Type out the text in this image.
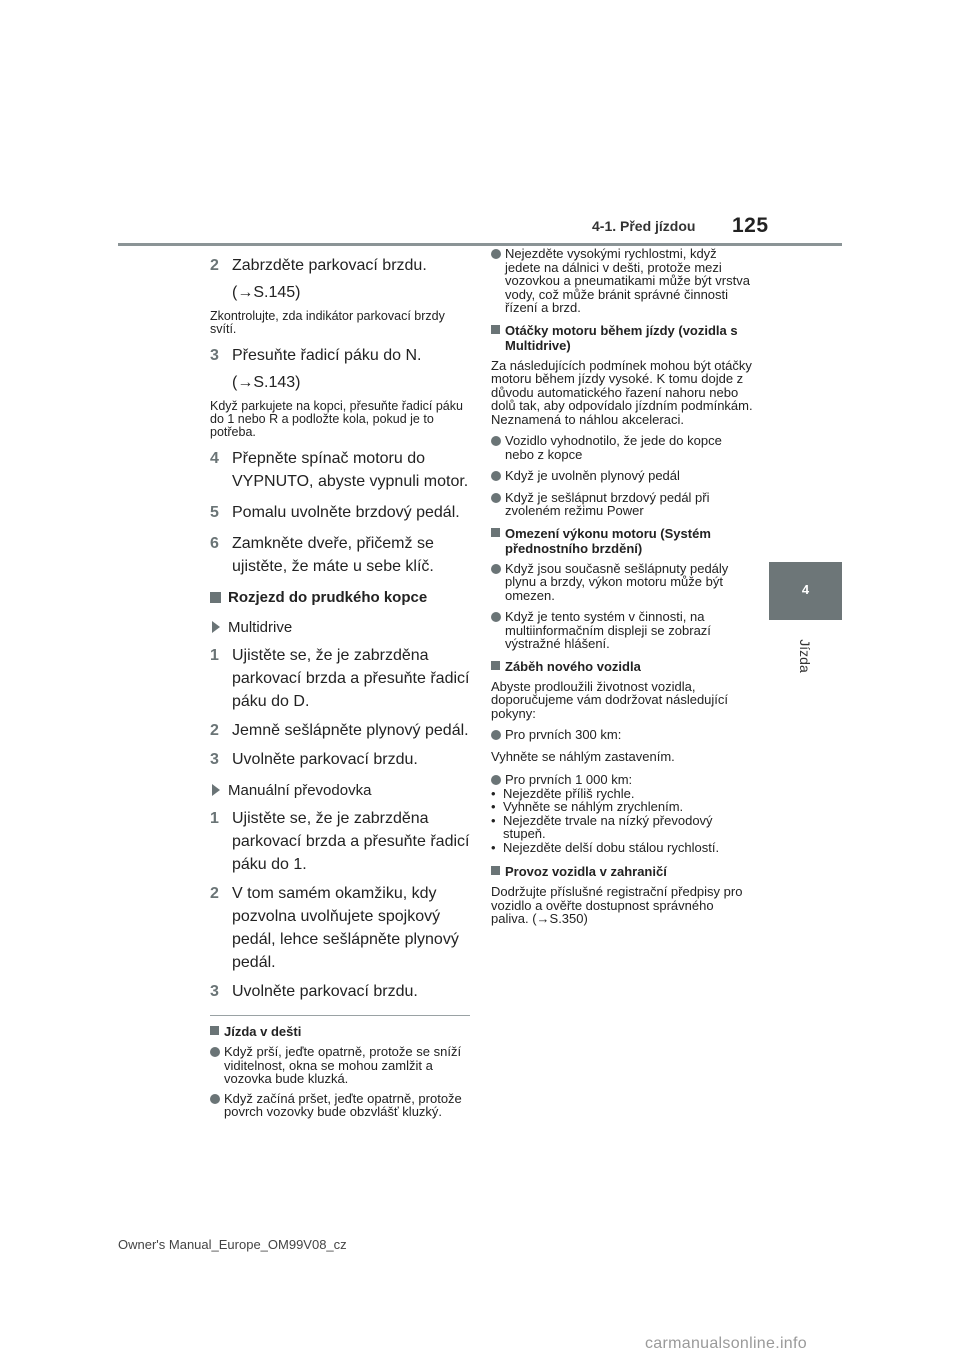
4-1. Před jízdou 125
4
Jízda
2 Zabrzděte parkovací brzdu.
(→S.145)
Zkontrolujte, zda indikátor parkovací brzdy svítí.
3 Přesuňte řadicí páku do N.
(→S.143)
Když parkujete na kopci, přesuňte řadicí páku do 1 nebo R a podložte kola, pokud je to potřeba.
4 Přepněte spínač motoru do VYPNUTO, abyste vypnuli motor.
5 Pomalu uvolněte brzdový pedál.
6 Zamkněte dveře, přičemž se ujistěte, že máte u sebe klíč.
Rozjezd do prudkého kopce
Multidrive
1 Ujistěte se, že je zabrzděna parkovací brzda a přesuňte řadicí páku do D.
2 Jemně sešlápněte plynový pedál.
3 Uvolněte parkovací brzdu.
Manuální převodovka
1 Ujistěte se, že je zabrzděna parkovací brzda a přesuňte řadicí páku do 1.
2 V tom samém okamžiku, kdy pozvolna uvolňujete spojkový pedál, lehce sešlápněte plynový pedál.
3 Uvolněte parkovací brzdu.
Jízda v dešti
Když prší, jeďte opatrně, protože se sníží viditelnost, okna se mohou zamlžit a vozovka bude kluzká.
Když začíná pršet, jeďte opatrně, protože povrch vozovky bude obzvlášť kluzký.
Nejezděte vysokými rychlostmi, když jedete na dálnici v dešti, protože mezi vozovkou a pneumatikami může být vrstva vody, což může bránit správné činnosti řízení a brzd.
Otáčky motoru během jízdy (vozidla s Multidrive)
Za následujících podmínek mohou být otáčky motoru během jízdy vysoké. K tomu dojde z důvodu automatického řazení nahoru nebo dolů tak, aby odpovídalo jízdním podmínkám. Neznamená to náhlou akceleraci.
Vozidlo vyhodnotilo, že jede do kopce nebo z kopce
Když je uvolněn plynový pedál
Když je sešlápnut brzdový pedál při zvoleném režimu Power
Omezení výkonu motoru (Systém přednostního brzdění)
Když jsou současně sešlápnuty pedály plynu a brzdy, výkon motoru může být omezen.
Když je tento systém v činnosti, na multiinformačním displeji se zobrazí výstražné hlášení.
Záběh nového vozidla
Abyste prodloužili životnost vozidla, doporučujeme vám dodržovat následující pokyny:
Pro prvních 300 km:
Vyhněte se náhlým zastavením.
Pro prvních 1 000 km:
• Nejezděte příliš rychle.
• Vyhněte se náhlým zrychlením.
• Nejezděte trvale na nízký převodový stupeň.
• Nejezděte delší dobu stálou rychlostí.
Provoz vozidla v zahraničí
Dodržujte příslušné registrační předpisy pro vozidlo a ověřte dostupnost správného paliva. (→S.350)
Owner's Manual_Europe_OM99V08_cz
carmanualsonline.info
